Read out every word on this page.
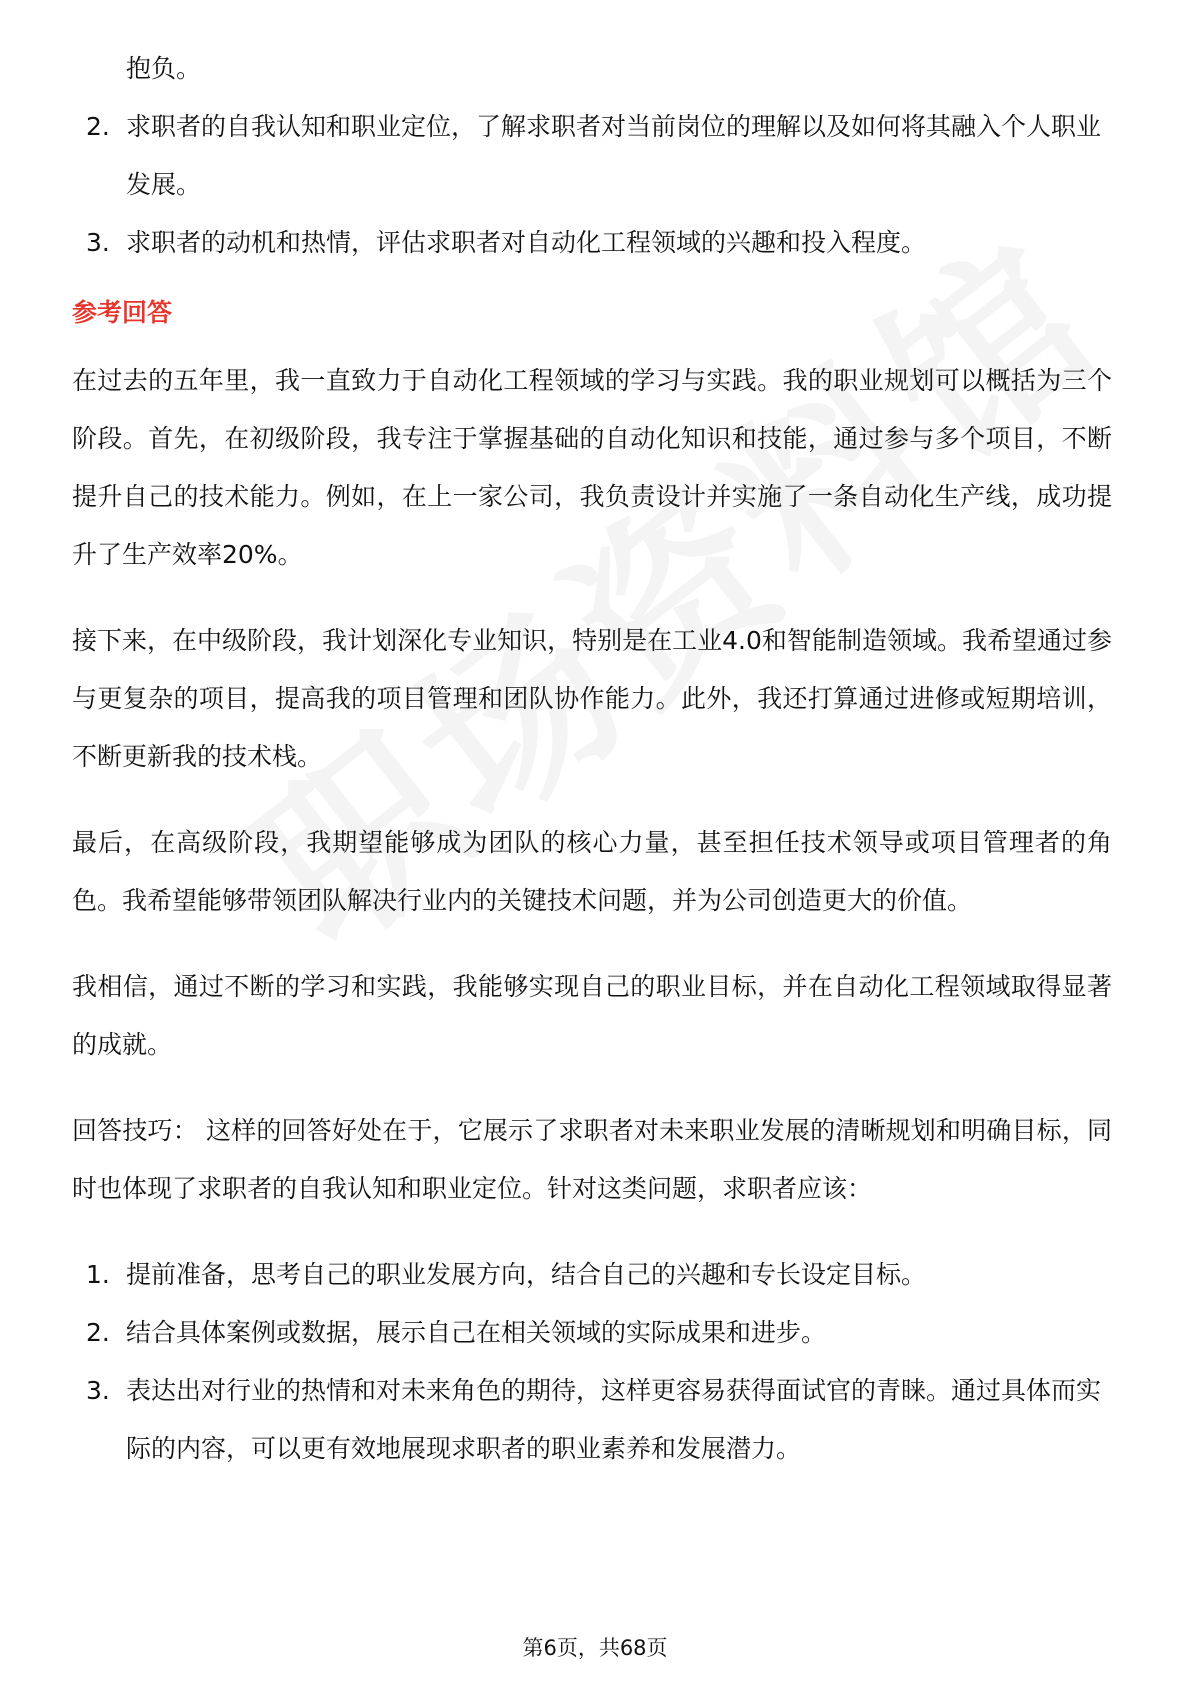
抱负。

2. 求职者的自我认知和职业定位，了解求职者对当前岗位的理解以及如何将其融入个人职业发展。
3. 求职者的动机和热情，评估求职者对自动化工程领域的兴趣和投入程度。
参考回答

在过去的五年里，我一直致力于自动化工程领域的学习与实践。我的职业规划可以概括为三个阶段。首先，在初级阶段，我专注于掌握基础的自动化知识和技能，通过参与多个项目，不断提升自己的技术能力。例如，在上一家公司，我负责设计并实施了一条自动化生产线，成功提升了生产效率20%。

接下来，在中级阶段，我计划深化专业知识，特别是在工业4.0和智能制造领域。我希望通过参与更复杂的项目，提高我的项目管理和团队协作能力。此外，我还打算通过进修或短期培训，不断更新我的技术栈。

最后，在高级阶段，我期望能够成为团队的核心力量，甚至担任技术领导或项目管理者的角色。我希望能够带领团队解决行业内的关键技术问题，并为公司创造更大的价值。

我相信，通过不断的学习和实践，我能够实现自己的职业目标，并在自动化工程领域取得显著的成就。

回答技巧： 这样的回答好处在于，它展示了求职者对未来职业发展的清晰规划和明确目标，同时也体现了求职者的自我认知和职业定位。针对这类问题，求职者应该：

1. 提前准备，思考自己的职业发展方向，结合自己的兴趣和专长设定目标。
2. 结合具体案例或数据，展示自己在相关领域的实际成果和进步。
3. 表达出对行业的热情和对未来角色的期待，这样更容易获得面试官的青睐。通过具体而实际的内容，可以更有效地展现求职者的职业素养和发展潜力。
第6页，共68页
